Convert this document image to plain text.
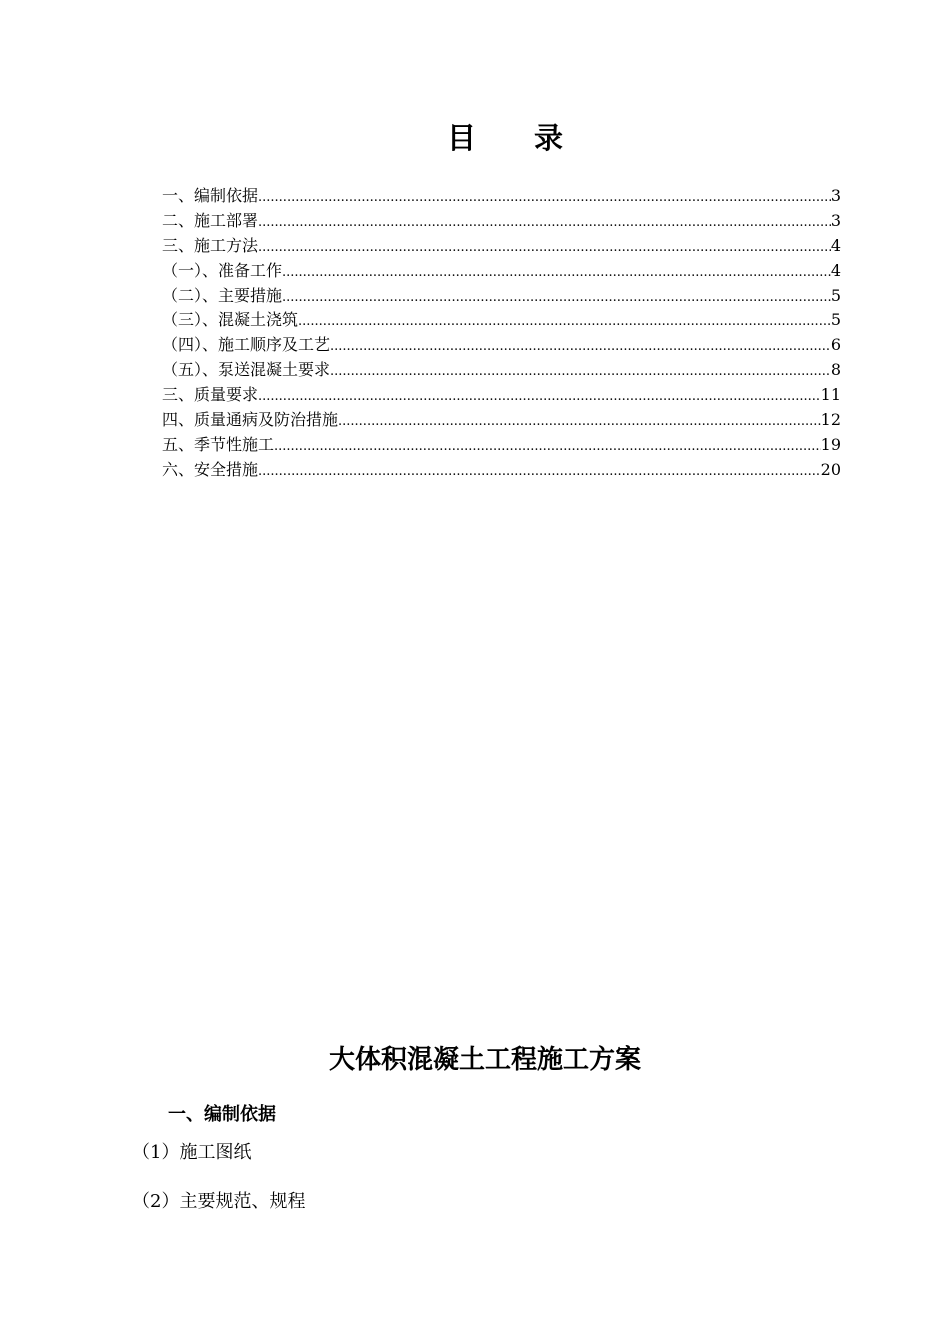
目 录
一、编制依据 .....	3
二、施工部署 .....	3
三、施工方法 .....	4
（一）、准备工作 .....	4
（二）、主要措施 .....	5
（三）、混凝土浇筑 .....	5
（四）、施工顺序及工艺 .....	6
（五）、泵送混凝土要求 .....	8
三、质量要求 .....	11
四、质量通病及防治措施 .....	12
五、季节性施工 .....	19
六、安全措施 .....	20
大体积混凝土工程施工方案
一、编制依据

（1）施工图纸

（2）主要规范、规程
